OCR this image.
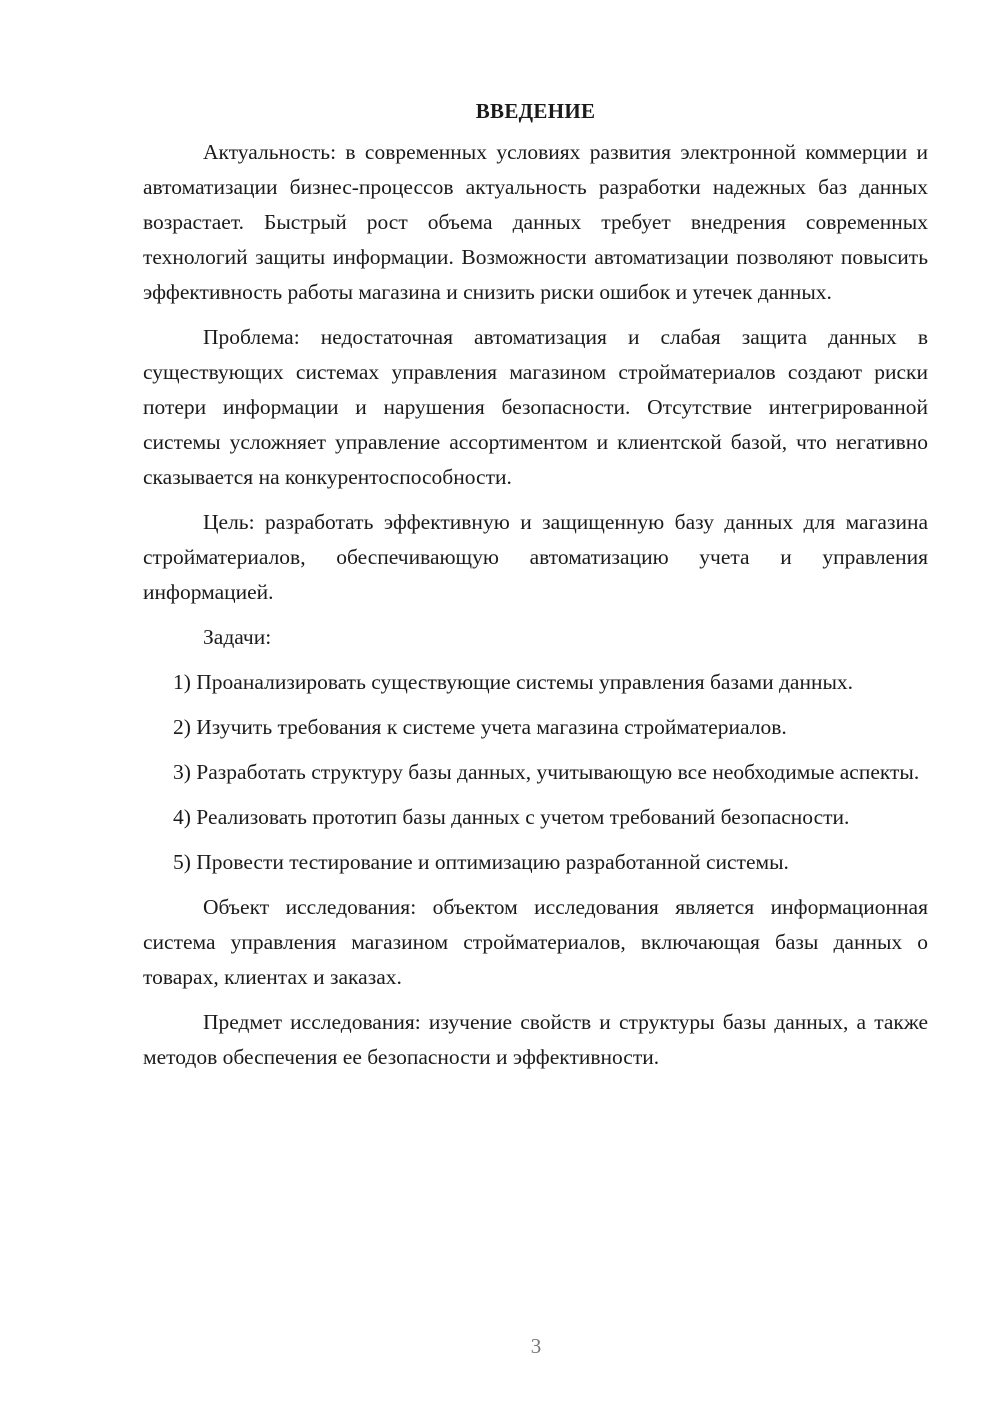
ВВЕДЕНИЕ

Актуальность: в современных условиях развития электронной коммерции и автоматизации бизнес-процессов актуальность разработки надежных баз данных возрастает. Быстрый рост объема данных требует внедрения современных технологий защиты информации. Возможности автоматизации позволяют повысить эффективность работы магазина и снизить риски ошибок и утечек данных.

Проблема: недостаточная автоматизация и слабая защита данных в существующих системах управления магазином стройматериалов создают риски потери информации и нарушения безопасности. Отсутствие интегрированной системы усложняет управление ассортиментом и клиентской базой, что негативно сказывается на конкурентоспособности.

Цель: разработать эффективную и защищенную базу данных для магазина стройматериалов, обеспечивающую автоматизацию учета и управления информацией.

Задачи:

1) Проанализировать существующие системы управления базами данных.

2) Изучить требования к системе учета магазина стройматериалов.

3) Разработать структуру базы данных, учитывающую все необходимые аспекты.

4) Реализовать прототип базы данных с учетом требований безопасности.

5) Провести тестирование и оптимизацию разработанной системы.

Объект исследования: объектом исследования является информационная система управления магазином стройматериалов, включающая базы данных о товарах, клиентах и заказах.

Предмет исследования: изучение свойств и структуры базы данных, а также методов обеспечения ее безопасности и эффективности.

3
